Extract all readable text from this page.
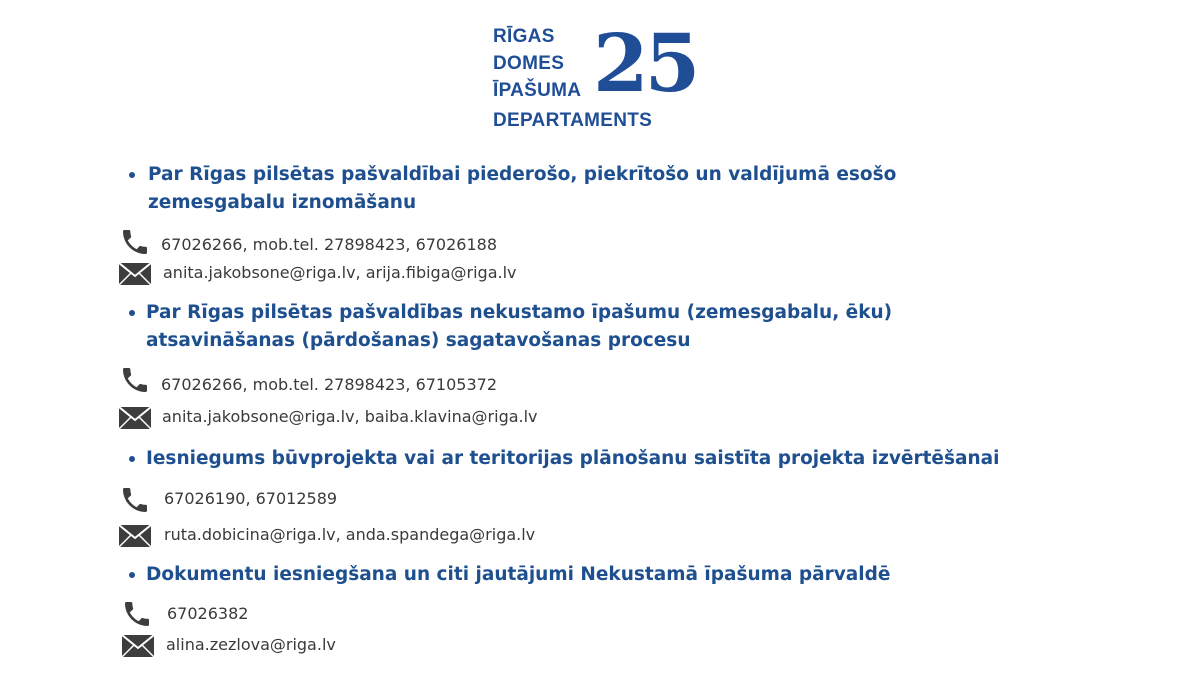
RĪGAS
DOMES
ĪPAŠUMA
DEPARTAMENTS
25
Par Rīgas pilsētas pašvaldībai piederošo, piekrītošo un valdījumā esošo
zemesgabalu iznomāšanu
67026266, mob.tel. 27898423, 67026188
anita.jakobsone@riga.lv, arija.fibiga@riga.lv
Par Rīgas pilsētas pašvaldības nekustamo īpašumu (zemesgabalu, ēku)
atsavināšanas (pārdošanas) sagatavošanas procesu
67026266, mob.tel. 27898423, 67105372
anita.jakobsone@riga.lv, baiba.klavina@riga.lv
Iesniegums būvprojekta vai ar teritorijas plānošanu saistīta projekta izvērtēšanai
67026190, 67012589
ruta.dobicina@riga.lv, anda.spandega@riga.lv
Dokumentu iesniegšana un citi jautājumi Nekustamā īpašuma pārvaldē
67026382
alina.zezlova@riga.lv
